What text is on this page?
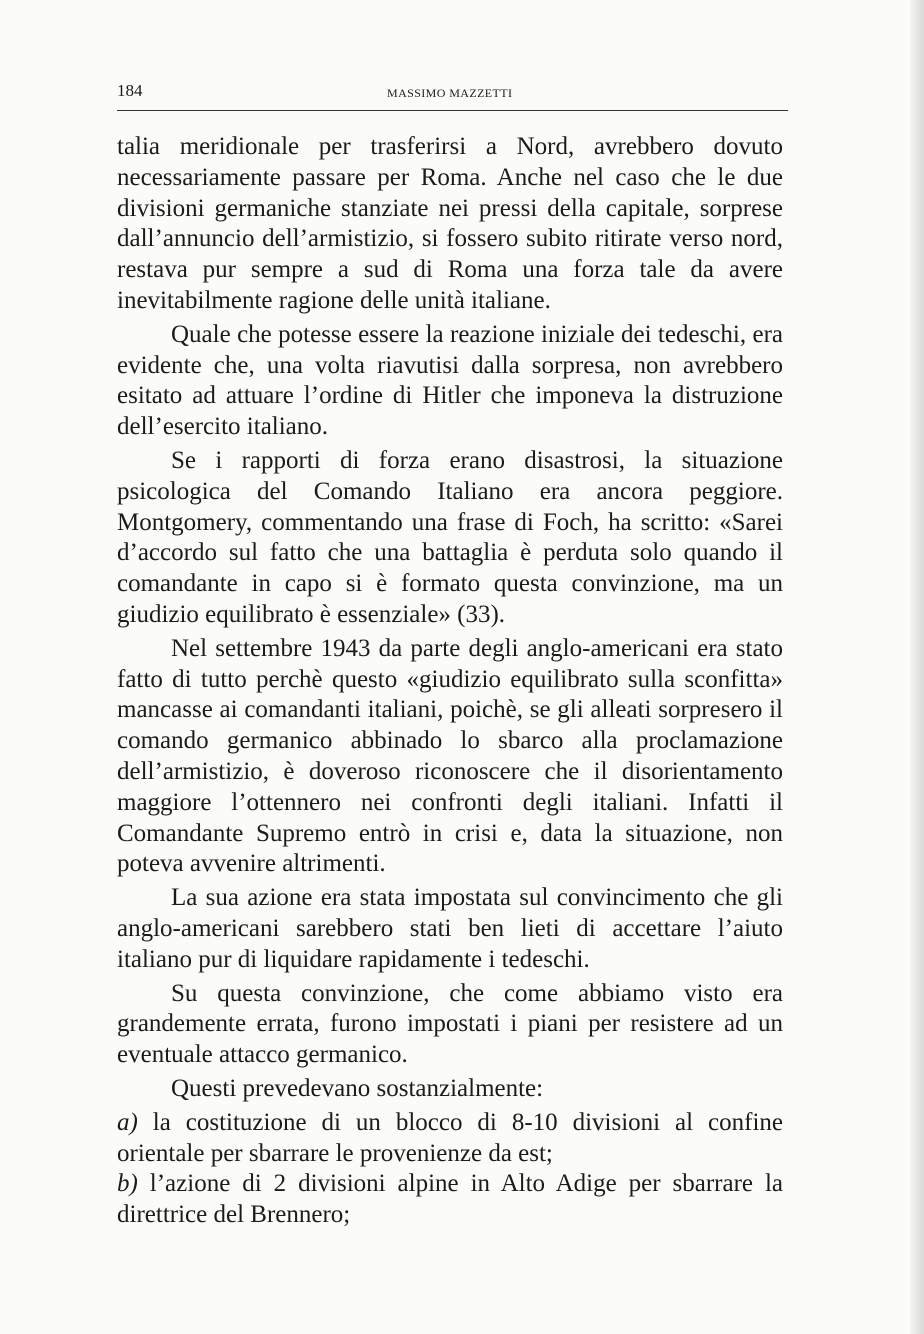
184	MASSIMO MAZZETTI

talia meridionale per trasferirsi a Nord, avrebbero dovuto necessariamente passare per Roma. Anche nel caso che le due divisioni germaniche stanziate nei pressi della capitale, sorprese dall’annuncio dell’armistizio, si fossero subito ritirate verso nord, restava pur sempre a sud di Roma una forza tale da avere inevitabilmente ragione delle unità italiane.

Quale che potesse essere la reazione iniziale dei tedeschi, era evidente che, una volta riavutisi dalla sorpresa, non avrebbero esitato ad attuare l’ordine di Hitler che imponeva la distruzione dell’esercito italiano.

Se i rapporti di forza erano disastrosi, la situazione psicologica del Comando Italiano era ancora peggiore. Montgomery, commentando una frase di Foch, ha scritto: «Sarei d’accordo sul fatto che una battaglia è perduta solo quando il comandante in capo si è formato questa convinzione, ma un giudizio equilibrato è essenziale» (33).

Nel settembre 1943 da parte degli anglo-americani era stato fatto di tutto perchè questo «giudizio equilibrato sulla sconfitta» mancasse ai comandanti italiani, poichè, se gli alleati sorpresero il comando germanico abbinado lo sbarco alla proclamazione dell’armistizio, è doveroso riconoscere che il disorientamento maggiore l’ottennero nei confronti degli italiani. Infatti il Comandante Supremo entrò in crisi e, data la situazione, non poteva avvenire altrimenti.

La sua azione era stata impostata sul convincimento che gli anglo-americani sarebbero stati ben lieti di accettare l’aiuto italiano pur di liquidare rapidamente i tedeschi.

Su questa convinzione, che come abbiamo visto era grandemente errata, furono impostati i piani per resistere ad un eventuale attacco germanico.

Questi prevedevano sostanzialmente:

a) la costituzione di un blocco di 8-10 divisioni al confine orientale per sbarrare le provenienze da est;

b) l’azione di 2 divisioni alpine in Alto Adige per sbarrare la direttrice del Brennero;
